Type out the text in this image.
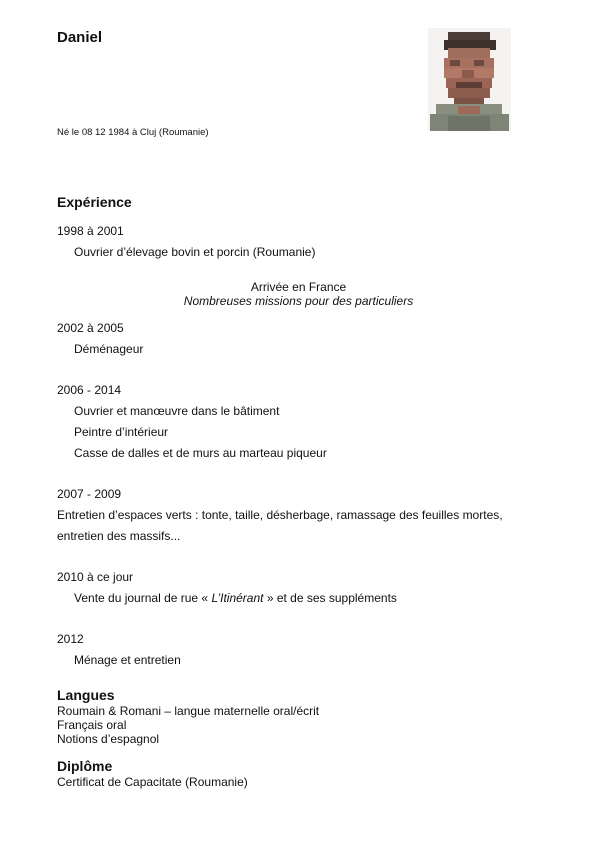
Daniel
Né le 08 12 1984 à Cluj (Roumanie)
Expérience
1998 à 2001
Ouvrier d’élevage bovin et porcin (Roumanie)
Arrivée en France
Nombreuses missions pour des particuliers
2002 à 2005
Déménageur
2006 - 2014
Ouvrier et manœuvre dans le bâtiment
Peintre d’intérieur
Casse de dalles et de murs au marteau piqueur
2007 - 2009
Entretien d’espaces verts : tonte, taille, désherbage, ramassage des feuilles mortes,
entretien des massifs...
2010 à ce jour
Vente du journal de rue « L’Itinérant » et de ses suppléments
2012
Ménage et entretien
Langues
Roumain & Romani – langue maternelle oral/écrit
Français oral
Notions d’espagnol
Diplôme
Certificat de Capacitate (Roumanie)
